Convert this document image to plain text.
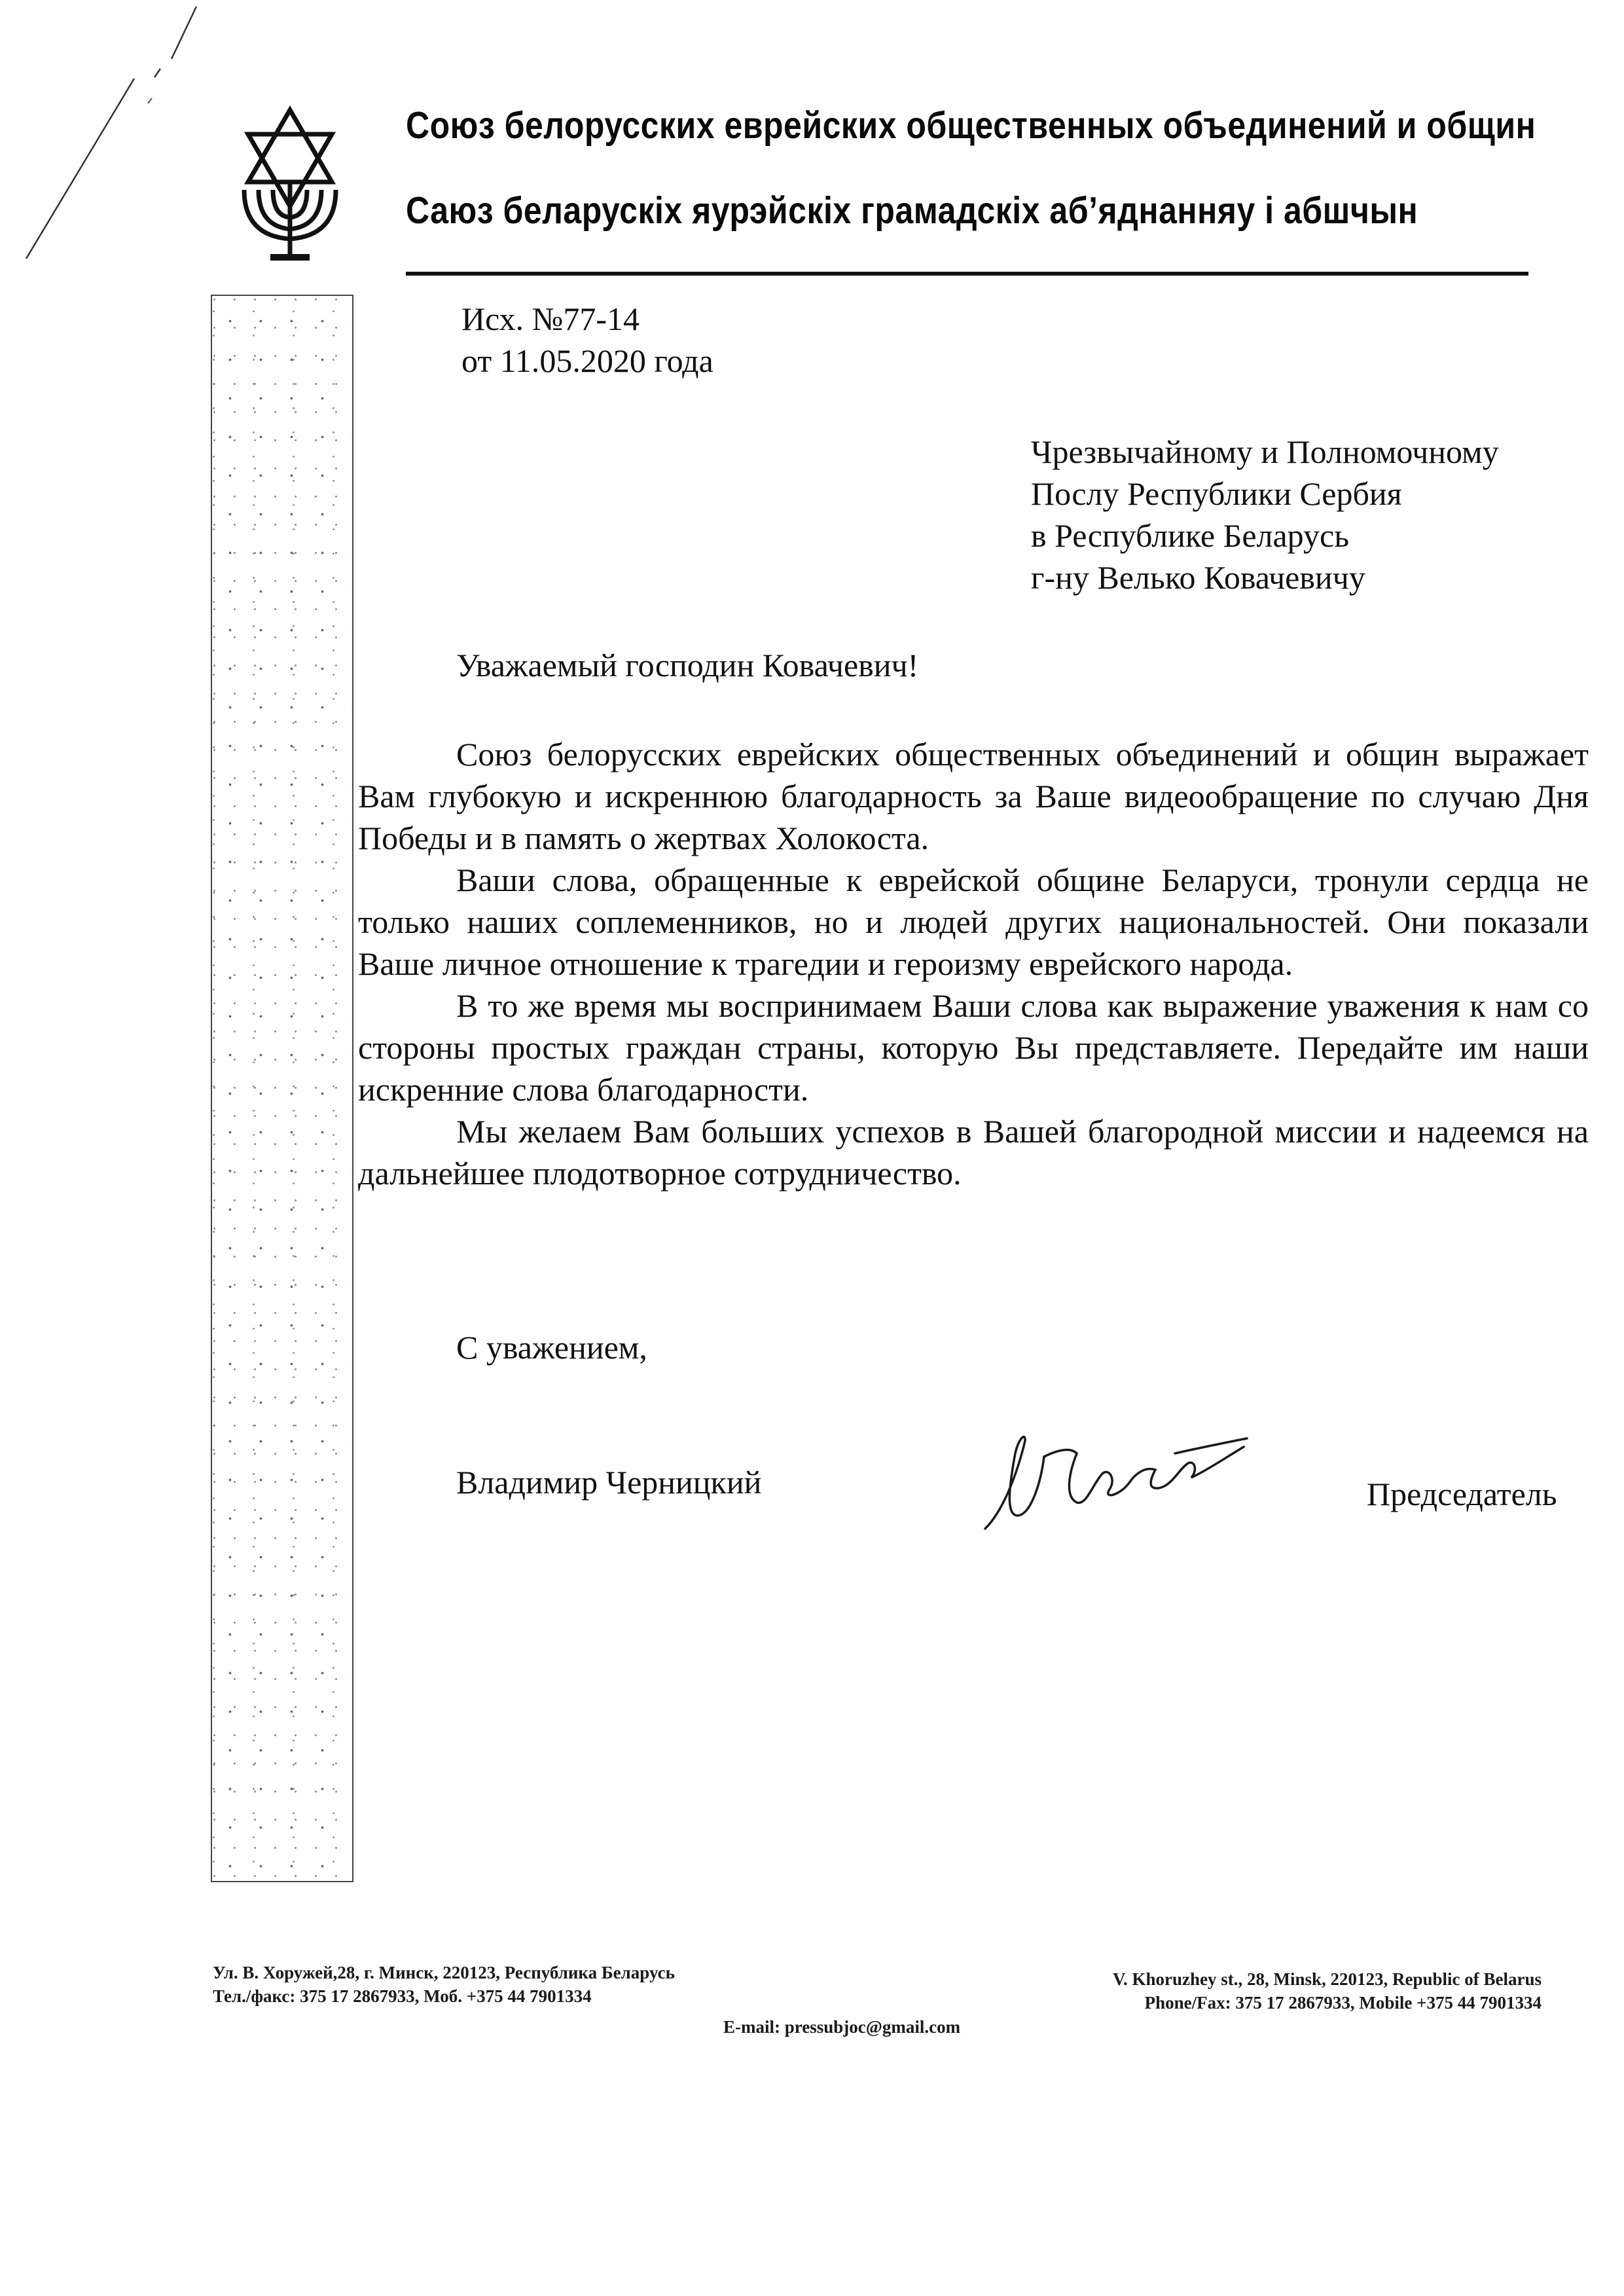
Союз белорусских еврейских общественных объединений и общин
Саюз беларускіх яурэйскіх грамадскіх аб’яднанняу і абшчын
Исх. №77-14
от 11.05.2020 года
Чрезвычайному и Полномочному
Послу Республики Сербия
в Республике Беларусь
г-ну Велько Ковачевичу
Уважаемый господин Ковачевич!

Союз белорусских еврейских общественных объединений и общин выражает Вам глубокую и искреннюю благодарность за Ваше видеообращение по случаю Дня Победы и в память о жертвах Холокоста.

Ваши слова, обращенные к еврейской общине Беларуси, тронули сердца не только наших соплеменников, но и людей других национальностей. Они показали Ваше личное отношение к трагедии и героизму еврейского народа.

В то же время мы воспринимаем Ваши слова как выражение уважения к нам со стороны простых граждан страны, которую Вы представляете. Передайте им наши искренние слова благодарности.

Мы желаем Вам больших успехов в Вашей благородной миссии и надеемся на дальнейшее плодотворное сотрудничество.

С уважением,
Владимир Черницкий	Председатель
Ул. В. Хоружей,28, г. Минск, 220123, Республика Беларусь
Тел./факс: 375 17 2867933, Моб. +375 44 7901334
V. Khoruzhey st., 28, Minsk, 220123, Republic of Belarus
Phone/Fax: 375 17 2867933, Mobile +375 44 7901334
E-mail: pressubjoc@gmail.com
